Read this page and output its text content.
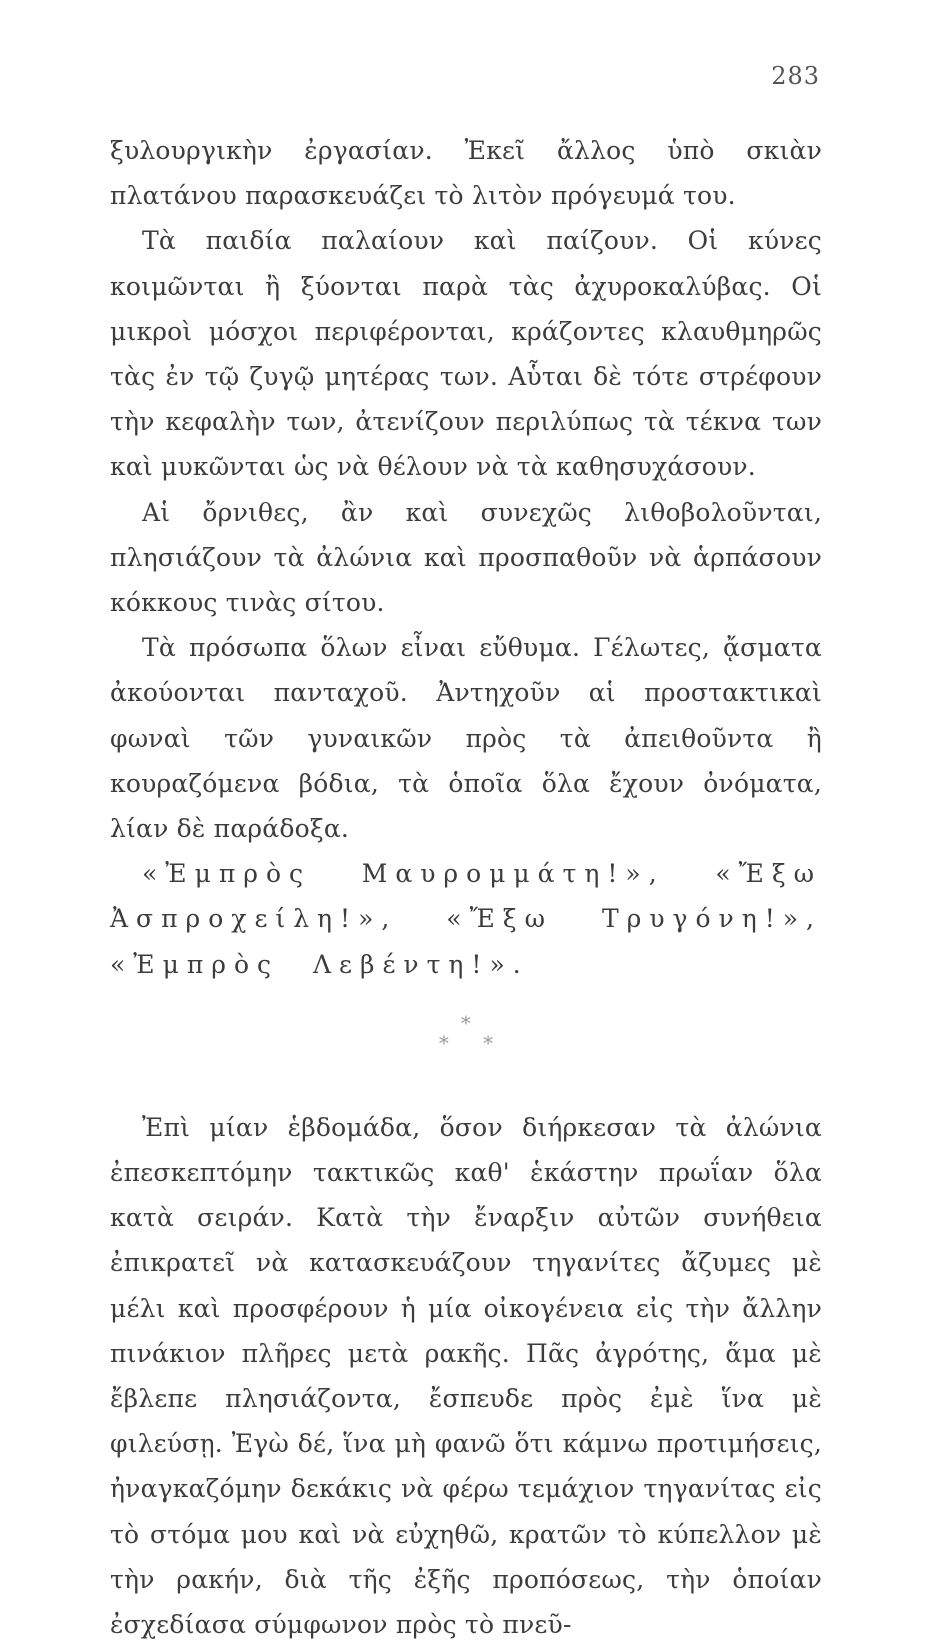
283

ξυλουργικὴν ἐργασίαν. Ἐκεῖ ἄλλος ὑπὸ σκιὰν πλατάνου παρασκευάζει τὸ λιτὸν πρόγευμά του.

Τὰ παιδία παλαίουν καὶ παίζουν. Οἱ κύνες κοιμῶνται ἢ ξύονται παρὰ τὰς ἀχυροκαλύβας. Οἱ μικροὶ μόσχοι περιφέρονται, κράζοντες κλαυθμηρῶς τὰς ἐν τῷ ζυγῷ μητέρας των. Αὗται δὲ τότε στρέφουν τὴν κεφαλὴν των, ἀτενίζουν περιλύπως τὰ τέκνα των καὶ μυκῶνται ὡς νὰ θέλουν νὰ τὰ καθησυχάσουν.

Αἱ ὄρνιθες, ἂν καὶ συνεχῶς λιθοβολοῦνται, πλησιάζουν τὰ ἀλώνια καὶ προσπαθοῦν νὰ ἁρπάσουν κόκκους τινὰς σίτου.

Τὰ πρόσωπα ὅλων εἶναι εὔθυμα. Γέλωτες, ᾄσματα ἀκούονται πανταχοῦ. Ἀντηχοῦν αἱ προστακτικαὶ φωναὶ τῶν γυναικῶν πρὸς τὰ ἀπειθοῦντα ἢ κουραζόμενα βόδια, τὰ ὁποῖα ὅλα ἔχουν ὀνόματα, λίαν δὲ παράδοξα.

«Ἐμπρὸς Μαυρομμάτη!», «Ἔξω Ἀσπροχείλη!», «Ἔξω Τρυγόνη!», «Ἐμπρὸς Λεβέντη!».

*
* *

Ἐπὶ μίαν ἑβδομάδα, ὅσον διήρκεσαν τὰ ἀλώνια ἐπεσκεπτόμην τακτικῶς καθ' ἑκάστην πρωΐαν ὅλα κατὰ σειράν. Κατὰ τὴν ἔναρξιν αὐτῶν συνήθεια ἐπικρατεῖ νὰ κατασκευάζουν τηγανίτες ἄζυμες μὲ μέλι καὶ προσφέρουν ἡ μία οἰκογένεια εἰς τὴν ἄλλην πινάκιον πλῆρες μετὰ ρακῆς. Πᾶς ἀγρότης, ἅμα μὲ ἔβλεπε πλησιάζοντα, ἔσπευδε πρὸς ἐμὲ ἵνα μὲ φιλεύσῃ. Ἐγὼ δέ, ἵνα μὴ φανῶ ὅτι κάμνω προτιμήσεις, ἠναγκαζόμην δεκάκις νὰ φέρω τεμάχιον τηγανίτας εἰς τὸ στόμα μου καὶ νὰ εὐχηθῶ, κρατῶν τὸ κύπελλον μὲ τὴν ρακήν, διὰ τῆς ἐξῆς προπόσεως, τὴν ὁποίαν ἐσχεδίασα σύμφωνον πρὸς τὸ πνεῦ-
